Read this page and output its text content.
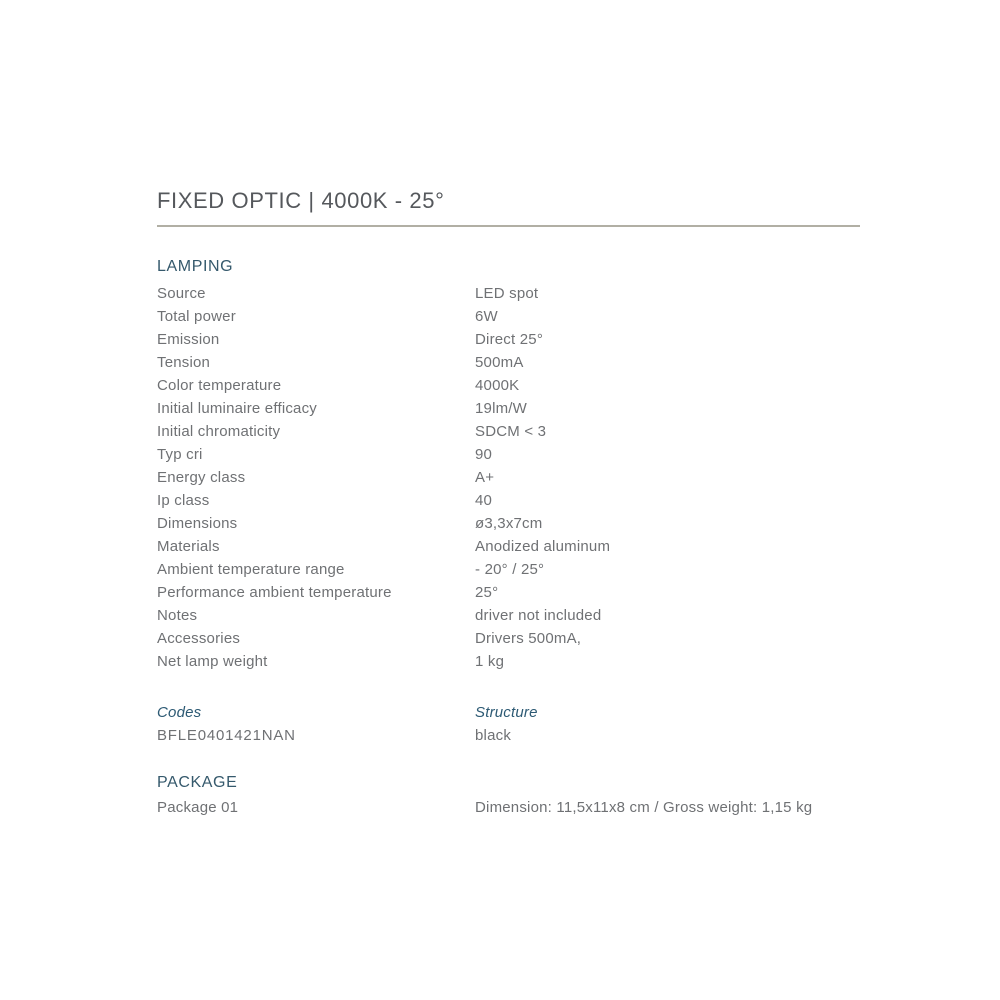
FIXED OPTIC | 4000K - 25°
LAMPING
Source	LED spot
Total power	6W
Emission	Direct 25°
Tension	500mA
Color temperature	4000K
Initial luminaire efficacy	19lm/W
Initial chromaticity	SDCM < 3
Typ cri	90
Energy class	A+
Ip class	40
Dimensions	ø3,3x7cm
Materials	Anodized aluminum
Ambient temperature range	- 20° / 25°
Performance ambient temperature	25°
Notes	driver not included
Accessories	Drivers 500mA,
Net lamp weight	1 kg
Codes	Structure
BFLE0401421NAN	black
PACKAGE
Package 01	Dimension: 11,5x11x8 cm / Gross weight: 1,15 kg
